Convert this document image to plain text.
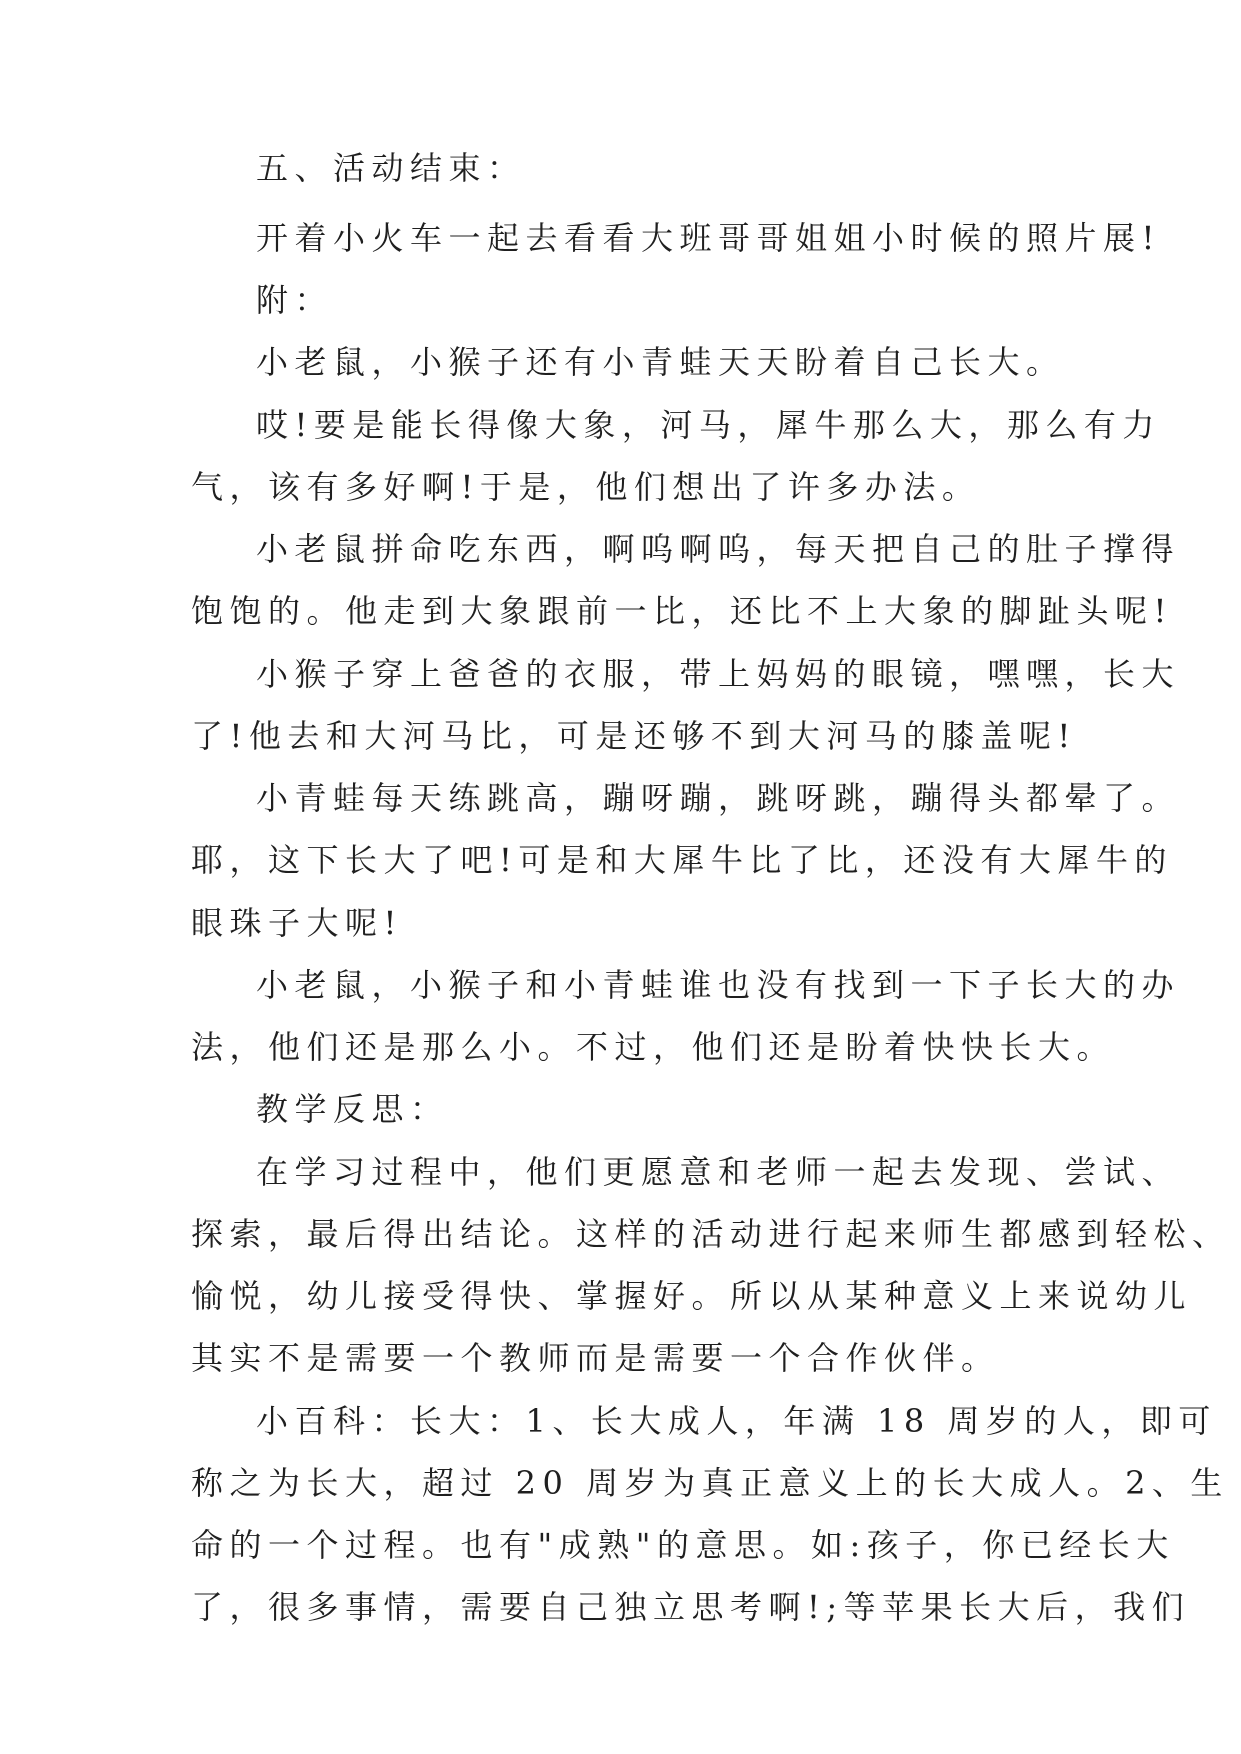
五、活动结束：
开着小火车一起去看看大班哥哥姐姐小时候的照片展!
附：
小老鼠，小猴子还有小青蛙天天盼着自己长大。
哎!要是能长得像大象，河马，犀牛那么大，那么有力
气，该有多好啊!于是，他们想出了许多办法。
小老鼠拼命吃东西，啊呜啊呜，每天把自己的肚子撑得
饱饱的。他走到大象跟前一比，还比不上大象的脚趾头呢!
小猴子穿上爸爸的衣服，带上妈妈的眼镜，嘿嘿，长大
了!他去和大河马比，可是还够不到大河马的膝盖呢!
小青蛙每天练跳高，蹦呀蹦，跳呀跳，蹦得头都晕了。
耶，这下长大了吧!可是和大犀牛比了比，还没有大犀牛的
眼珠子大呢!
小老鼠，小猴子和小青蛙谁也没有找到一下子长大的办
法，他们还是那么小。不过，他们还是盼着快快长大。
教学反思：
在学习过程中，他们更愿意和老师一起去发现、尝试、
探索，最后得出结论。这样的活动进行起来师生都感到轻松、
愉悦，幼儿接受得快、掌握好。所以从某种意义上来说幼儿
其实不是需要一个教师而是需要一个合作伙伴。
小百科：长大：1、长大成人，年满 18 周岁的人，即可
称之为长大，超过 20 周岁为真正意义上的长大成人。2、生
命的一个过程。也有"成熟"的意思。如:孩子，你已经长大
了，很多事情，需要自己独立思考啊!;等苹果长大后，我们
